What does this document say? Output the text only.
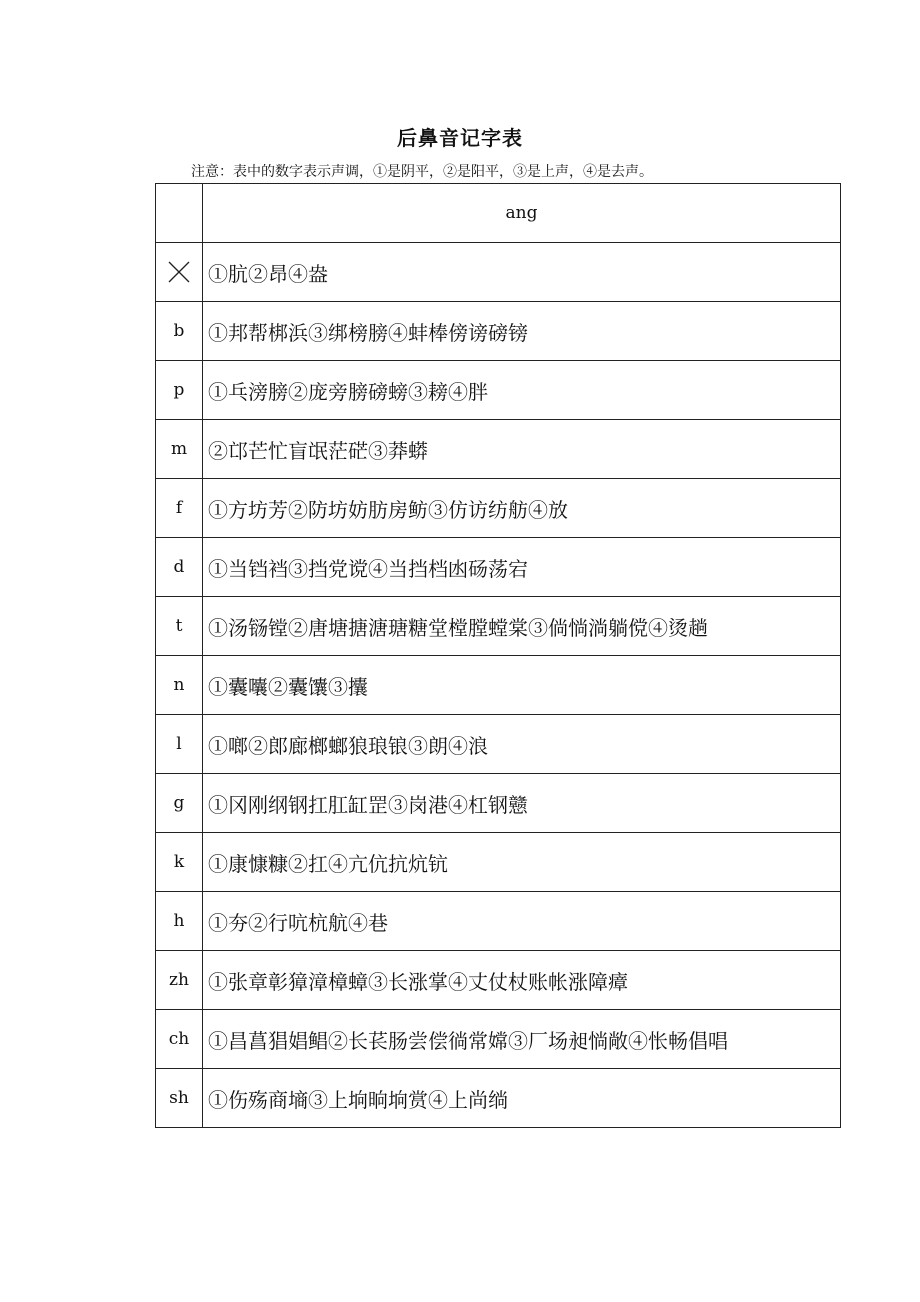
后鼻音记字表
注意：表中的数字表示声调，①是阴平，②是阳平，③是上声，④是去声。
	ang

	①肮②昂④盎
b	①邦帮梆浜③绑榜膀④蚌棒傍谤磅镑
p	①乓滂膀②庞旁膀磅螃③耪④胖
m	②邙芒忙盲氓茫硭③莽蟒
f	①方坊芳②防坊妨肪房鲂③仿访纺舫④放
d	①当铛裆③挡党谠④当挡档凼砀荡宕
t	①汤铴镗②唐塘搪溏瑭糖堂樘膛螳棠③倘惝淌躺傥④烫趟
n	①囊囔②囊馕③攮
l	①啷②郎廊榔螂狼琅锒③朗④浪
g	①冈刚纲钢扛肛缸罡③岗港④杠钢戆
k	①康慷糠②扛④亢伉抗炕钪
h	①夯②行吭杭航④巷
zh	①张章彰獐漳樟蟑③长涨掌④丈仗杖账帐涨障瘴
ch	①昌菖猖娼鲳②长苌肠尝偿徜常嫦③厂场昶惝敞④怅畅倡唱
sh	①伤殇商墒③上垧晌垧赏④上尚绱
